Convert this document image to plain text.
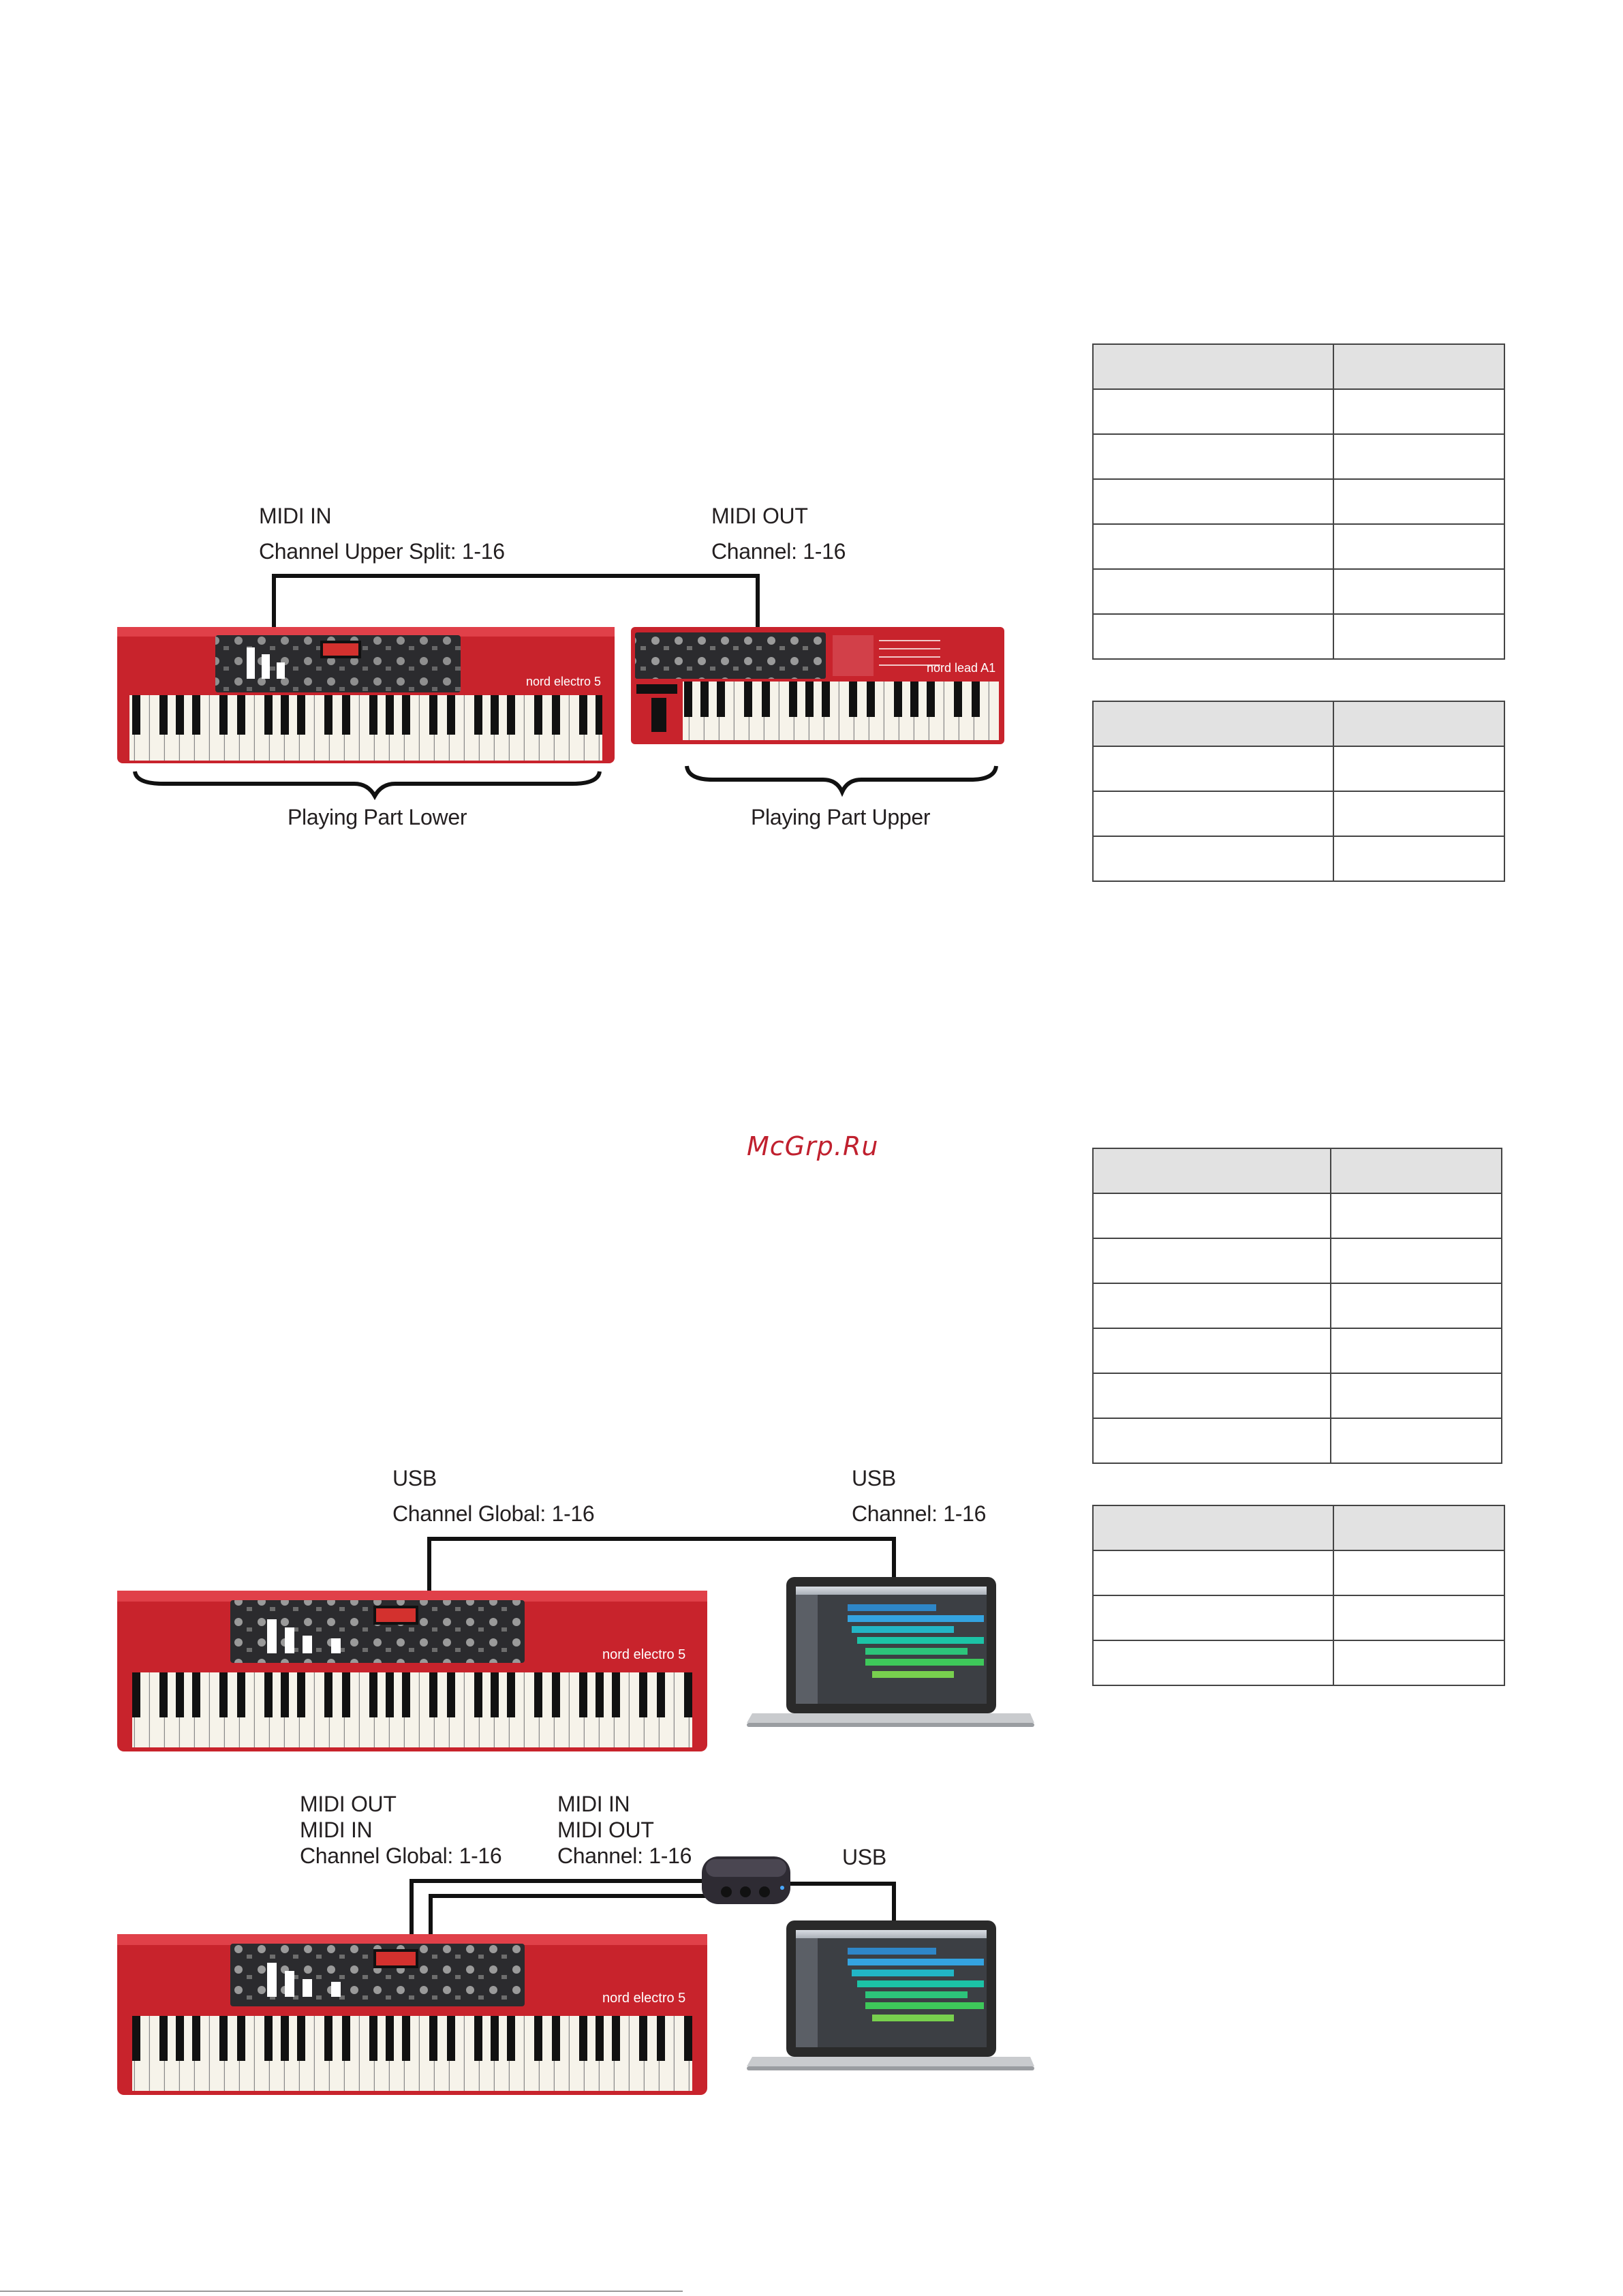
nord electro 5
nord lead A1
nord electro 5
nord electro 5
MIDI IN
Channel Upper Split: 1-16
MIDI OUT
Channel: 1-16
Playing Part Lower	Playing Part Upper
McGrp.Ru
USB
Channel Global: 1-16
USB
Channel: 1-16
MIDI OUT
MIDI IN
Channel Global: 1-16
MIDI IN
MIDI OUT
Channel: 1-16	USB
